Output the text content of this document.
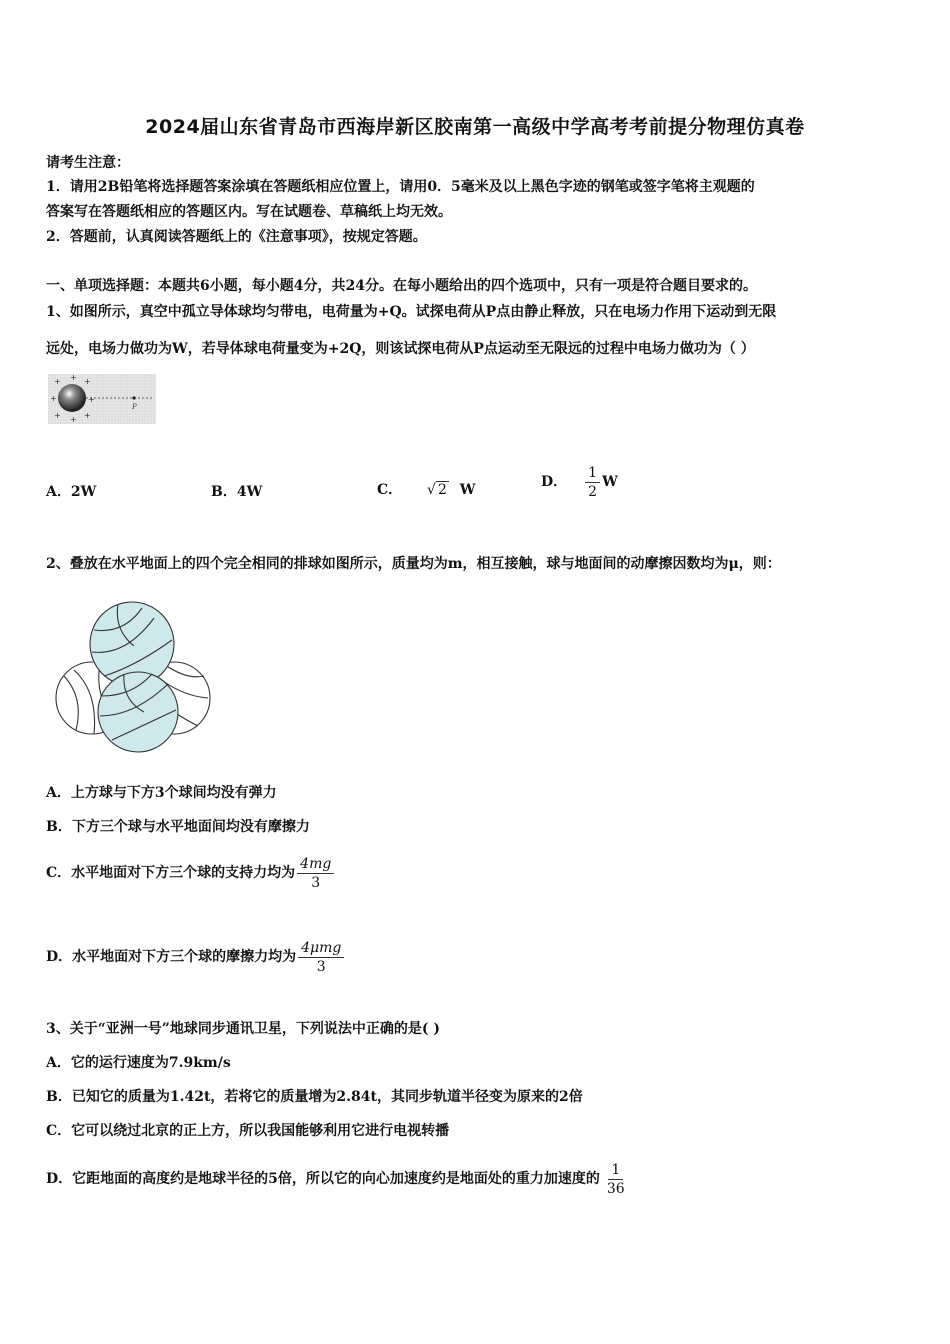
2024届山东省青岛市西海岸新区胶南第一高级中学高考考前提分物理仿真卷
请考生注意：
1．请用2B铅笔将选择题答案涂填在答题纸相应位置上，请用0．5毫米及以上黑色字迹的钢笔或签字笔将主观题的
答案写在答题纸相应的答题区内。写在试题卷、草稿纸上均无效。
2．答题前，认真阅读答题纸上的《注意事项》，按规定答题。
一、单项选择题：本题共6小题，每小题4分，共24分。在每小题给出的四个选项中，只有一项是符合题目要求的。
1、如图所示，真空中孤立导体球均匀带电，电荷量为+Q。试探电荷从P点由静止释放，只在电场力作用下运动到无限
远处，电场力做功为W，若导体球电荷量变为+2Q，则该试探电荷从P点运动至无限远的过程中电场力做功为（ ）
+ + +
+	+
+ + +
P
A．2W	B．4W	C． √ 2 W	D． $\frac{1}{2}$ W
2、叠放在水平地面上的四个完全相同的排球如图所示，质量均为m，相互接触，球与地面间的动摩擦因数均为μ，则：
A．上方球与下方3个球间均没有弹力
B．下方三个球与水平地面间均没有摩擦力
C． 水平地面对下方三个球的支持力均为 $\frac{4mg}{3}$
D． 水平地面对下方三个球的摩擦力均为 $\frac{\text{4μmg}}{3}$
3、关于“亚洲一号”地球同步通讯卫星，下列说法中正确的是( )
A．它的运行速度为7.9km/s
B．已知它的质量为1.42t，若将它的质量增为2.84t，其同步轨道半径变为原来的2倍
C．它可以绕过北京的正上方，所以我国能够利用它进行电视转播
D． 它距地面的高度约是地球半径的5倍，所以它的向心加速度约是地面处的重力加速度的 $\frac{1}{36}$
